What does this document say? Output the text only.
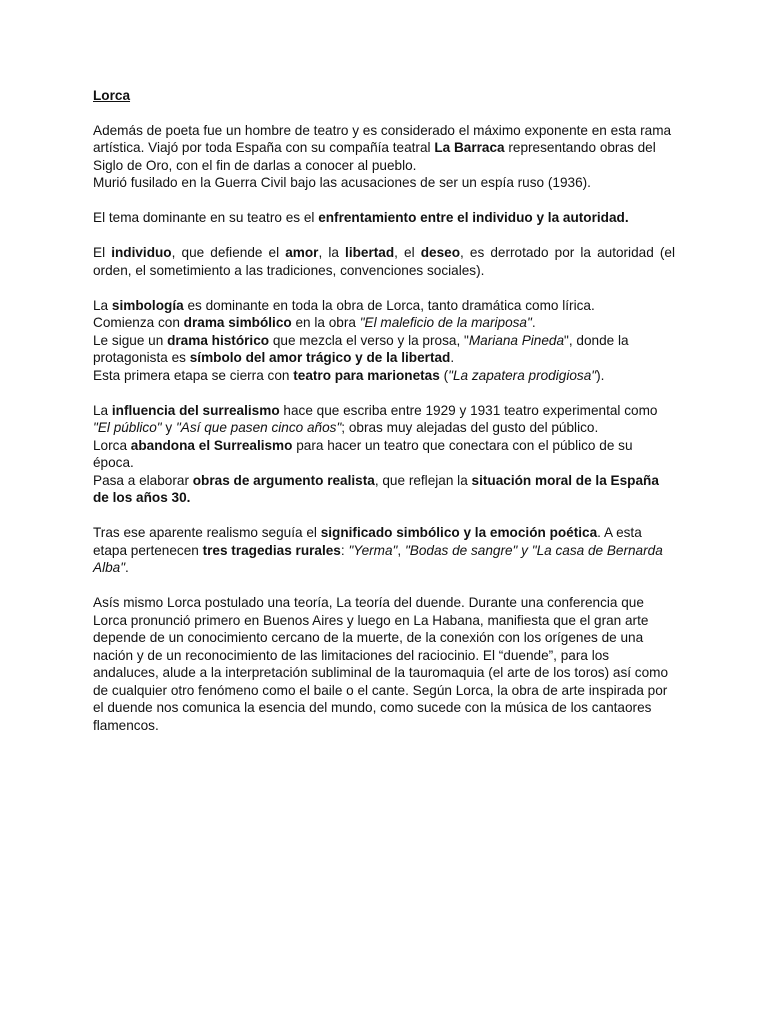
Lorca

Además de poeta fue un hombre de teatro y es considerado el máximo exponente en esta rama artística. Viajó por toda España con su compañía teatral La Barraca representando obras del Siglo de Oro, con el fin de darlas a conocer al pueblo.
Murió fusilado en la Guerra Civil bajo las acusaciones de ser un espía ruso (1936).

El tema dominante en su teatro es el enfrentamiento entre el individuo y la autoridad.

El individuo, que defiende el amor, la libertad, el deseo, es derrotado por la autoridad (el orden, el sometimiento a las tradiciones, convenciones sociales).

La simbología es dominante en toda la obra de Lorca, tanto dramática como lírica.
Comienza con drama simbólico en la obra "El maleficio de la mariposa".
Le sigue un drama histórico que mezcla el verso y la prosa, "Mariana Pineda", donde la protagonista es símbolo del amor trágico y de la libertad.
Esta primera etapa se cierra con teatro para marionetas ("La zapatera prodigiosa").

La influencia del surrealismo hace que escriba entre 1929 y 1931 teatro experimental como "El público" y "Así que pasen cinco años"; obras muy alejadas del gusto del público.
Lorca abandona el Surrealismo para hacer un teatro que conectara con el público de su época.
Pasa a elaborar obras de argumento realista, que reflejan la situación moral de la España de los años 30.

Tras ese aparente realismo seguía el significado simbólico y la emoción poética. A esta etapa pertenecen tres tragedias rurales: "Yerma", "Bodas de sangre" y "La casa de Bernarda Alba".

Asís mismo Lorca postulado una teoría, La teoría del duende. Durante una conferencia que Lorca pronunció primero en Buenos Aires y luego en La Habana, manifiesta que el gran arte depende de un conocimiento cercano de la muerte, de la conexión con los orígenes de una nación y de un reconocimiento de las limitaciones del raciocinio. El “duende”, para los andaluces, alude a la interpretación subliminal de la tauromaquia (el arte de los toros) así como de cualquier otro fenómeno como el baile o el cante. Según Lorca, la obra de arte inspirada por el duende nos comunica la esencia del mundo, como sucede con la música de los cantaores flamencos.
